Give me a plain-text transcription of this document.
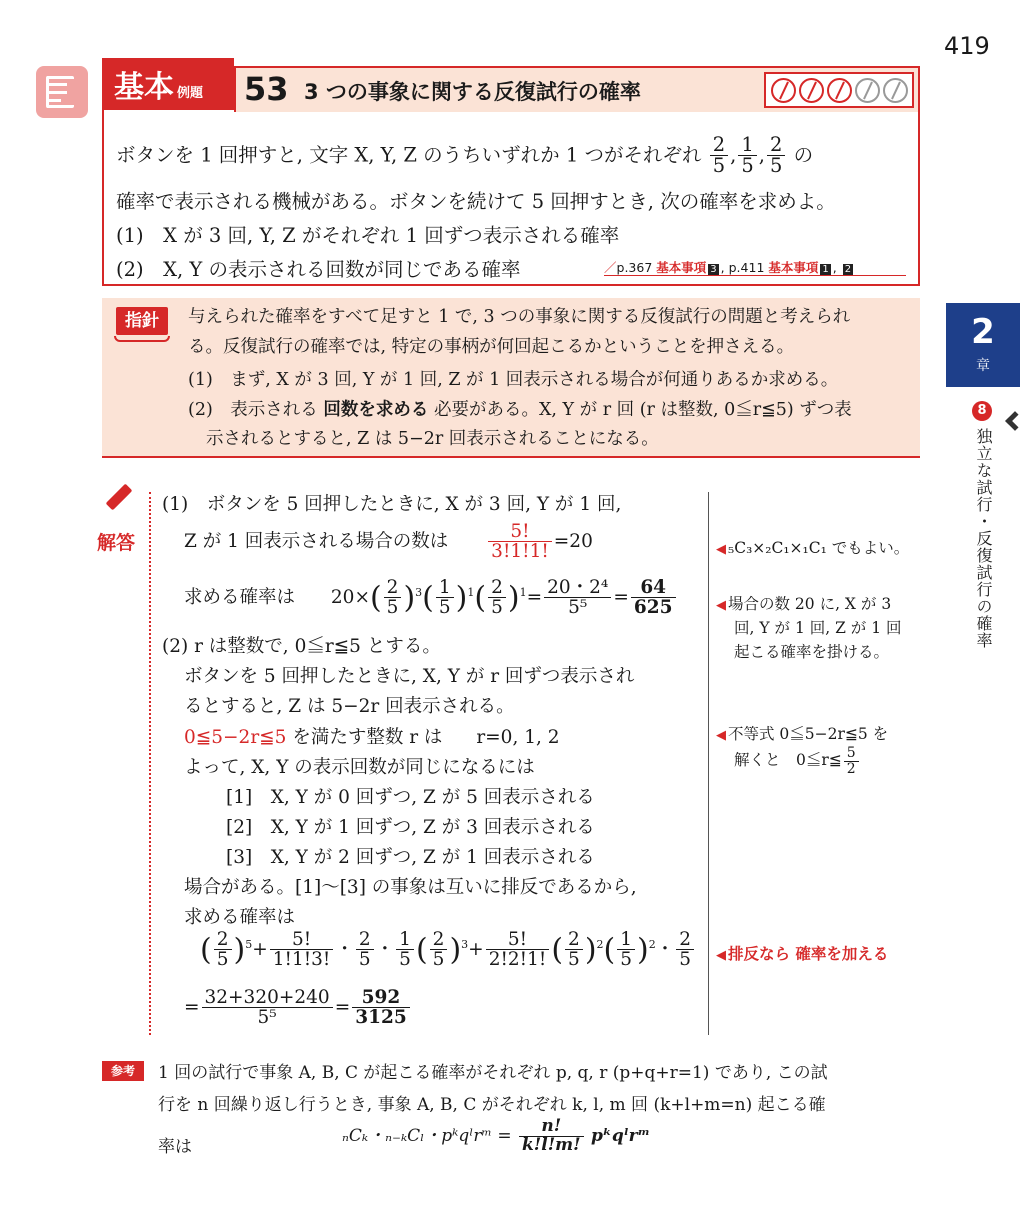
419
基本 例題	53 3 つの事象に関する反復試行の確率
ボタンを 1 回押すと, 文字 X, Y, Z のうちいずれか 1 つがそれぞれ $\frac{2}{5}$ , $\frac{1}{5}$ , $\frac{2}{5}$ の
確率で表示される機械がある。ボタンを続けて 5 回押すとき, 次の確率を求めよ。
(1)　X が 3 回, Y, Z がそれぞれ 1 回ずつ表示される確率
(2)　X, Y の表示される回数が同じである確率	／p.367 基本事項 3 , p.411 基本事項 1 , 2
指針	与えられた確率をすべて足すと 1 で, 3 つの事象に関する反復試行の問題と考えられ
る。反復試行の確率では, 特定の事柄が何回起こるかということを押さえる。
(1)　まず, X が 3 回, Y が 1 回, Z が 1 回表示される場合が何通りあるか求める。
(2)　表示される 回数を求める 必要がある。X, Y が r 回 (r は整数, 0≦r≦5) ずつ表
示されるとすると, Z は 5−2r 回表示されることになる。
2
章
8
独立な試行・反復試行の確率
解答
(1)　ボタンを 5 回押したときに, X が 3 回, Y が 1 回,
Z が 1 回表示される場合の数は $\frac{5!}{3!1!1!} =20$
求める確率は $20\times( \frac{2}{5} )^3( \frac{1}{5} )^1( \frac{2}{5} )^1= \frac{\text{20・2⁴}}{\text{5⁵}} = \frac{64}{625}$
(2) r は整数で, 0≦r≦5 とする。
ボタンを 5 回押したときに, X, Y が r 回ずつ表示され
るとすると, Z は 5−2r 回表示される。
0≦5−2r≦5 を満たす整数 r は r=0, 1, 2
よって, X, Y の表示回数が同じになるには
[1]　X, Y が 0 回ずつ, Z が 5 回表示される
[2]　X, Y が 1 回ずつ, Z が 3 回表示される
[3]　X, Y が 2 回ずつ, Z が 1 回表示される
場合がある。[1]～[3] の事象は互いに排反であるから,
求める確率は
( $\frac{2}{5} )^5+ \frac{5!}{1!1!3!}$ ・ $\frac{2}{5}$ ・ $\frac{1}{5}$ ( $\frac{2}{5} )^3+ \frac{5!}{2!2!1!}$ ( $\frac{2}{5} )^2( \frac{1}{5} )^2$・ $\frac{2}{5}$
= $\frac{32+320+240}{\text{5⁵}} = \frac{592}{3125}$
◀ ₅C₃×₂C₁×₁C₁ でもよい。
◀ 場合の数 20 に, X が 3
回, Y が 1 回, Z が 1 回
起こる確率を掛ける。
◀ 不等式 0≦5−2r≦5 を
解くと　0≦r≦ $\frac{5}{2}$
◀ 排反なら 確率を加える
参考	1 回の試行で事象 A, B, C が起こる確率がそれぞれ p, q, r (p+q+r=1) であり, この試
行を n 回繰り返し行うとき, 事象 A, B, C がそれぞれ k, l, m 回 (k+l+m=n) 起こる確
率は
ₙCₖ・ₙ₋ₖCₗ・pᵏqˡrᵐ = $\frac{n!}{k!l!m!}$ pᵏqˡrᵐ
